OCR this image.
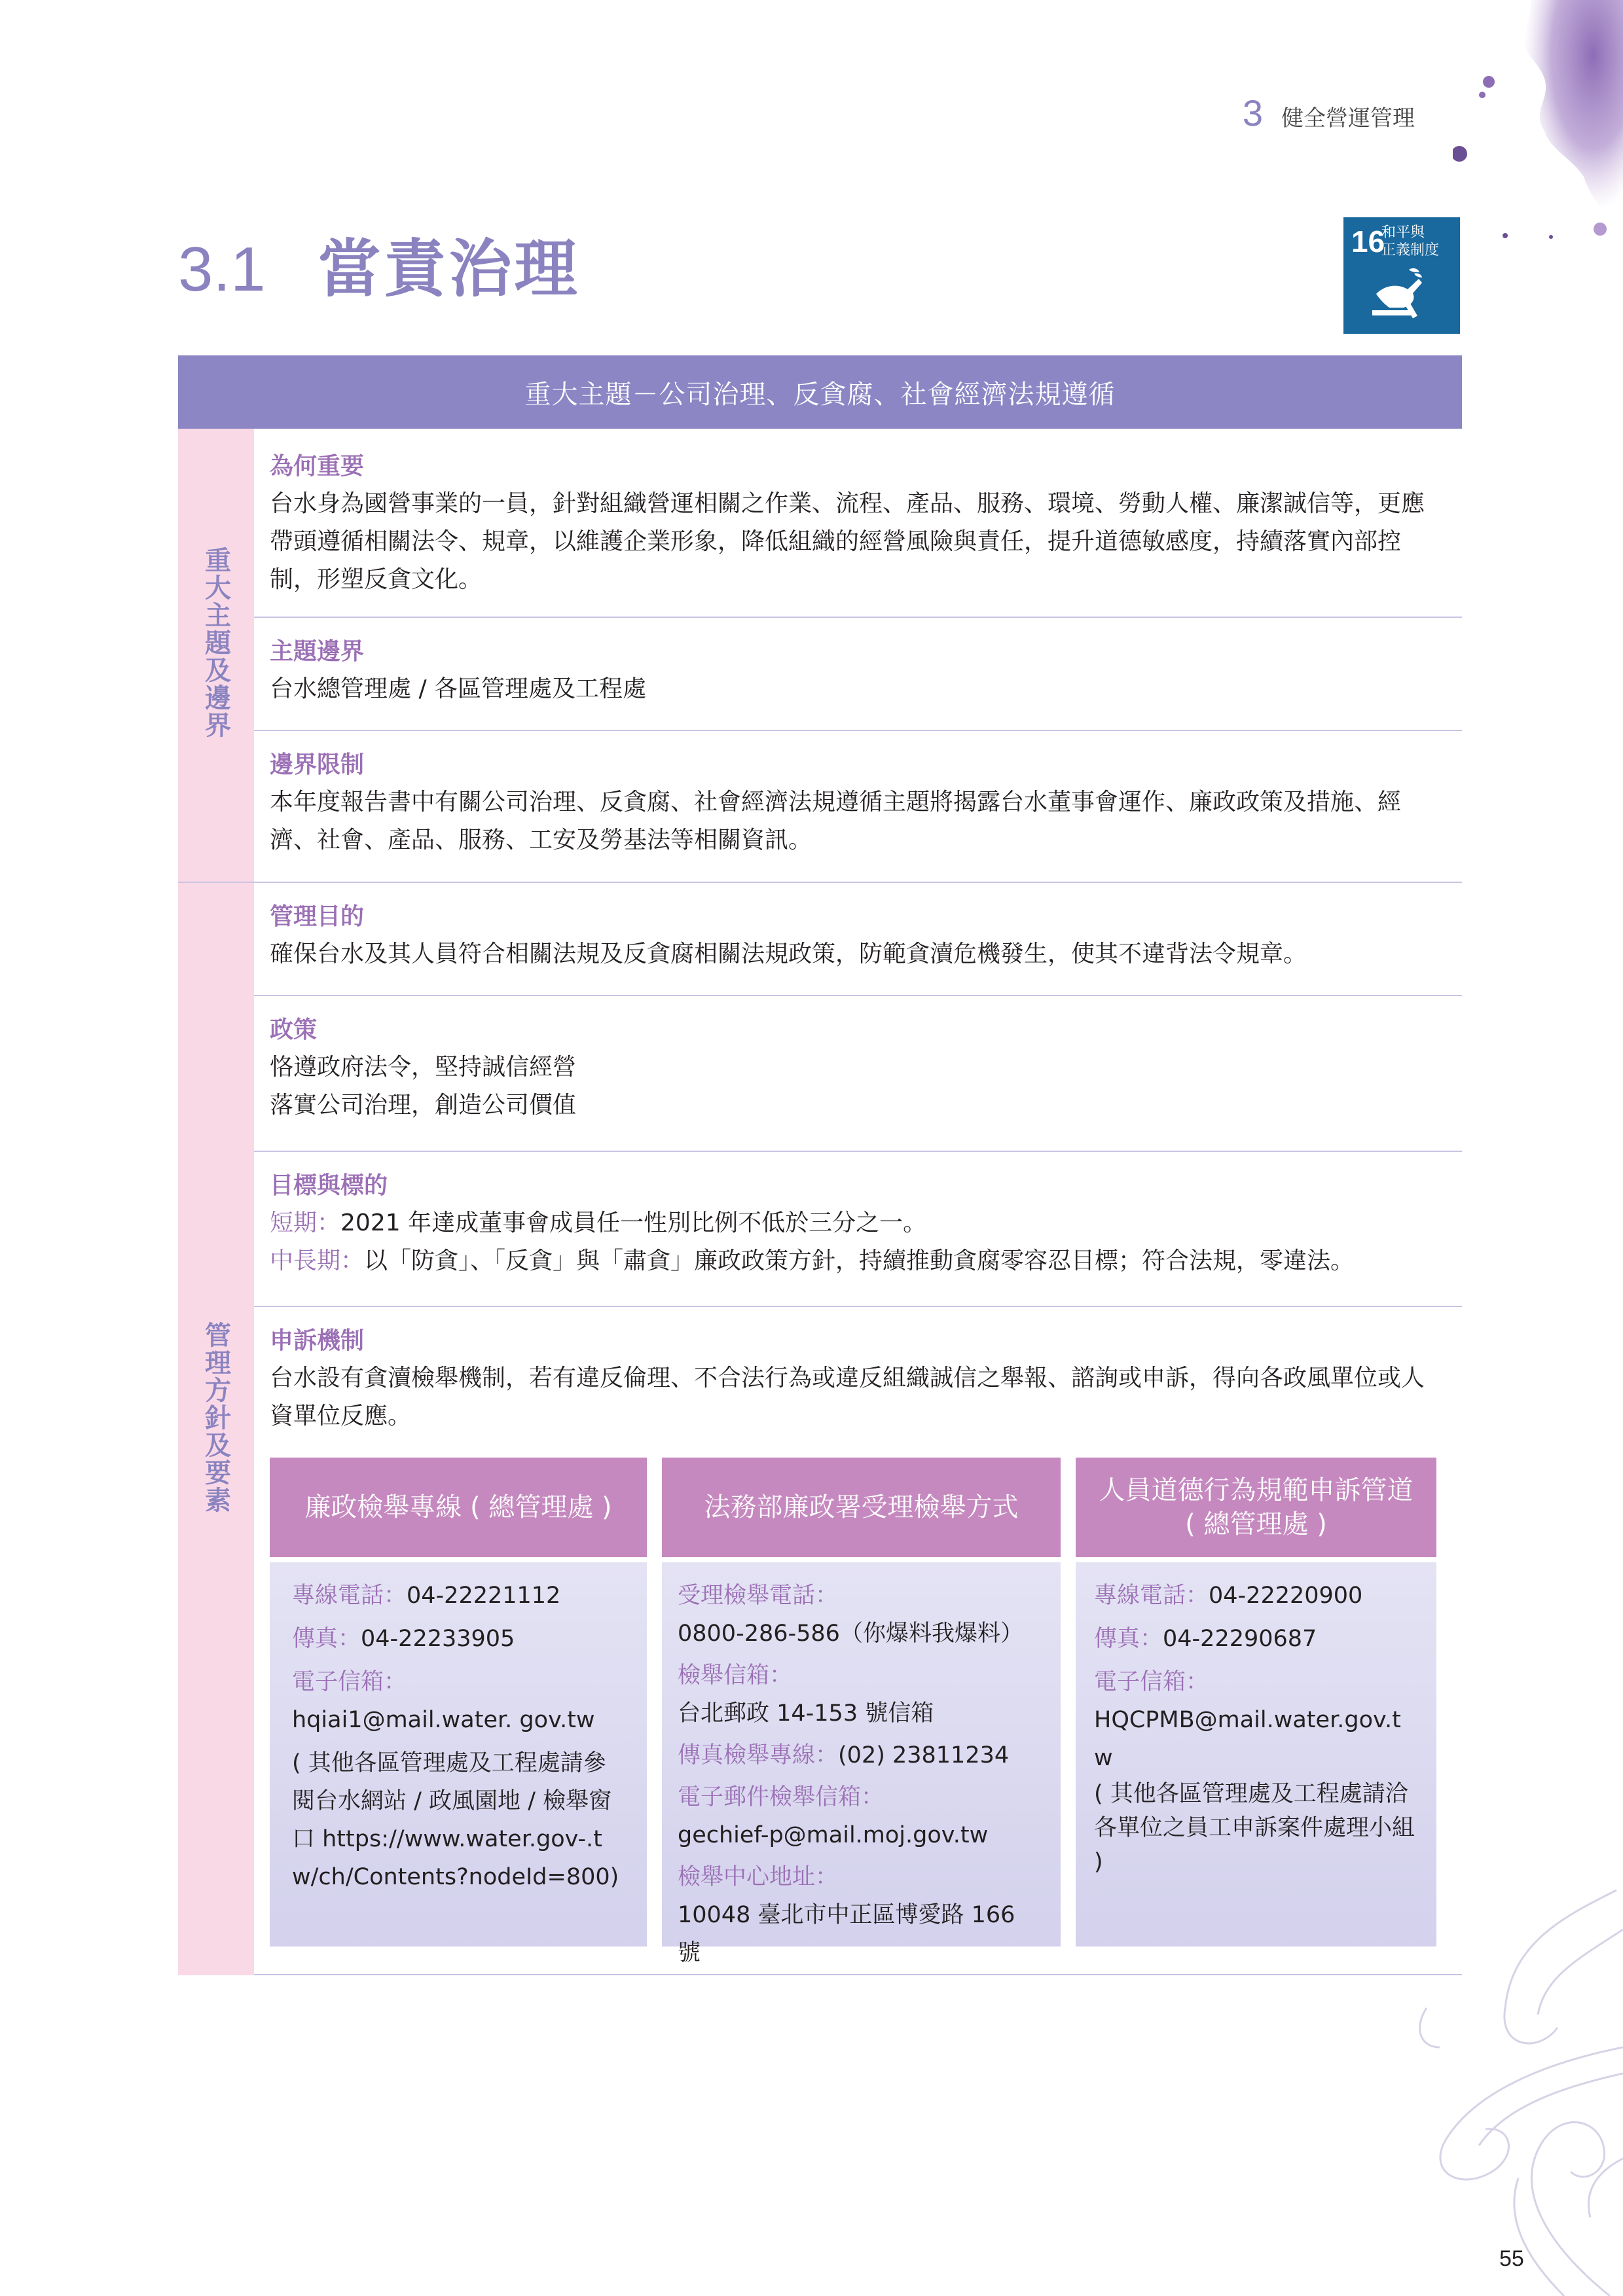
3 健全營運管理
3.1 當責治理	16
和平與
正義制度
重大主題－公司治理、反貪腐、社會經濟法規遵循
重大主題及邊界
為何重要
台水身為國營事業的一員，針對組織營運相關之作業、流程、產品、服務、環境、勞動人權、廉潔誠信等，更應帶頭遵循相關法令、規章，以維護企業形象，降低組織的經營風險與責任，提升道德敏感度，持續落實內部控制，形塑反貪文化。
主題邊界
台水總管理處 / 各區管理處及工程處
邊界限制
本年度報告書中有關公司治理、反貪腐、社會經濟法規遵循主題將揭露台水董事會運作、廉政政策及措施、經濟、社會、產品、服務、工安及勞基法等相關資訊。
管理方針及要素
管理目的
確保台水及其人員符合相關法規及反貪腐相關法規政策，防範貪瀆危機發生，使其不違背法令規章。
政策
恪遵政府法令，堅持誠信經營
落實公司治理，創造公司價值
目標與標的
短期：2021 年達成董事會成員任一性別比例不低於三分之一。
中長期：以「防貪」、「反貪」與「肅貪」廉政政策方針，持續推動貪腐零容忍目標；符合法規，零違法。
申訴機制
台水設有貪瀆檢舉機制，若有違反倫理、不合法行為或違反組織誠信之舉報、諮詢或申訴，得向各政風單位或人資單位反應。
廉政檢舉專線 ( 總管理處 )
專線電話：04-22221112
傳真：04-22233905
電子信箱：
hqiai1@mail.water. gov.tw
( 其他各區管理處及工程處請參閱台水網站 / 政風園地 / 檢舉窗口 https://www.water.gov-.tw/ch/Contents?nodeId=800)
法務部廉政署受理檢舉方式
受理檢舉電話：
0800-286-586（你爆料我爆料）
檢舉信箱：
台北郵政 14-153 號信箱
傳真檢舉專線：(02) 23811234
電子郵件檢舉信箱：
gechief-p@mail.moj.gov.tw
檢舉中心地址：
10048 臺北市中正區博愛路 166 號
人員道德行為規範申訴管道
( 總管理處 )
專線電話：04-22220900
傳真：04-22290687
電子信箱：
HQCPMB@mail.water.gov.tw
( 其他各區管理處及工程處請洽各單位之員工申訴案件處理小組 )
55
